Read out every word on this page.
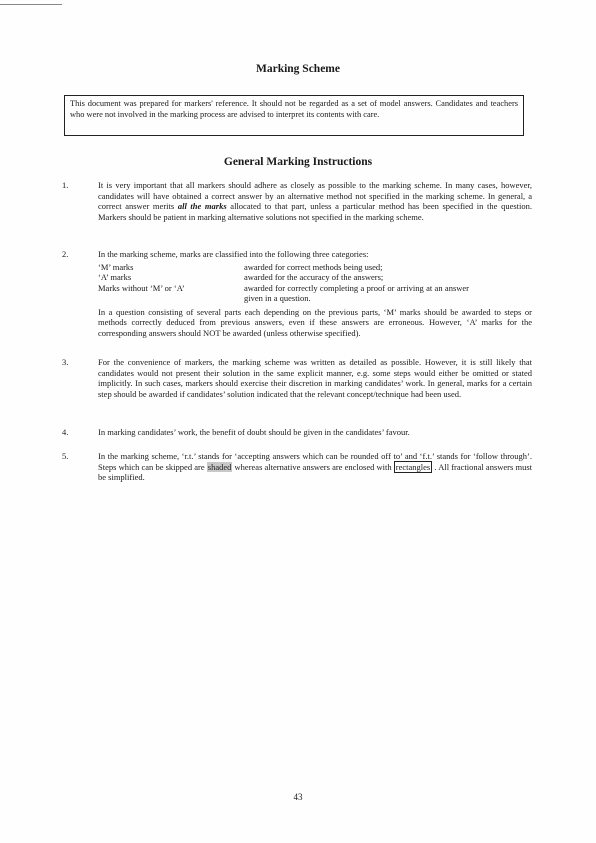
Marking Scheme
This document was prepared for markers' reference. It should not be regarded as a set of model answers. Candidates and teachers who were not involved in the marking process are advised to interpret its contents with care.
General Marking Instructions
1.	It is very important that all markers should adhere as closely as possible to the marking scheme. In many cases, however, candidates will have obtained a correct answer by an alternative method not specified in the marking scheme. In general, a correct answer merits all the marks allocated to that part, unless a particular method has been specified in the question. Markers should be patient in marking alternative solutions not specified in the marking scheme.
2.	In the marking scheme, marks are classified into the following three categories:

‘M’ marks	awarded for correct methods being used;
‘A’ marks	awarded for the accuracy of the answers;
Marks without ‘M’ or ‘A’	awarded for correctly completing a proof or arriving at an answer given in a question.

In a question consisting of several parts each depending on the previous parts, ‘M’ marks should be awarded to steps or methods correctly deduced from previous answers, even if these answers are erroneous. However, ‘A’ marks for the corresponding answers should NOT be awarded (unless otherwise specified).

3.	For the convenience of markers, the marking scheme was written as detailed as possible. However, it is still likely that candidates would not present their solution in the same explicit manner, e.g. some steps would either be omitted or stated implicitly. In such cases, markers should exercise their discretion in marking candidates’ work. In general, marks for a certain step should be awarded if candidates’ solution indicated that the relevant concept/technique had been used.
4.	In marking candidates’ work, the benefit of doubt should be given in the candidates’ favour.
5.	In the marking scheme, ‘r.t.’ stands for ‘accepting answers which can be rounded off to’ and ‘f.t.’ stands for ‘follow through’. Steps which can be skipped are shaded whereas alternative answers are enclosed with rectangles . All fractional answers must be simplified.
43
